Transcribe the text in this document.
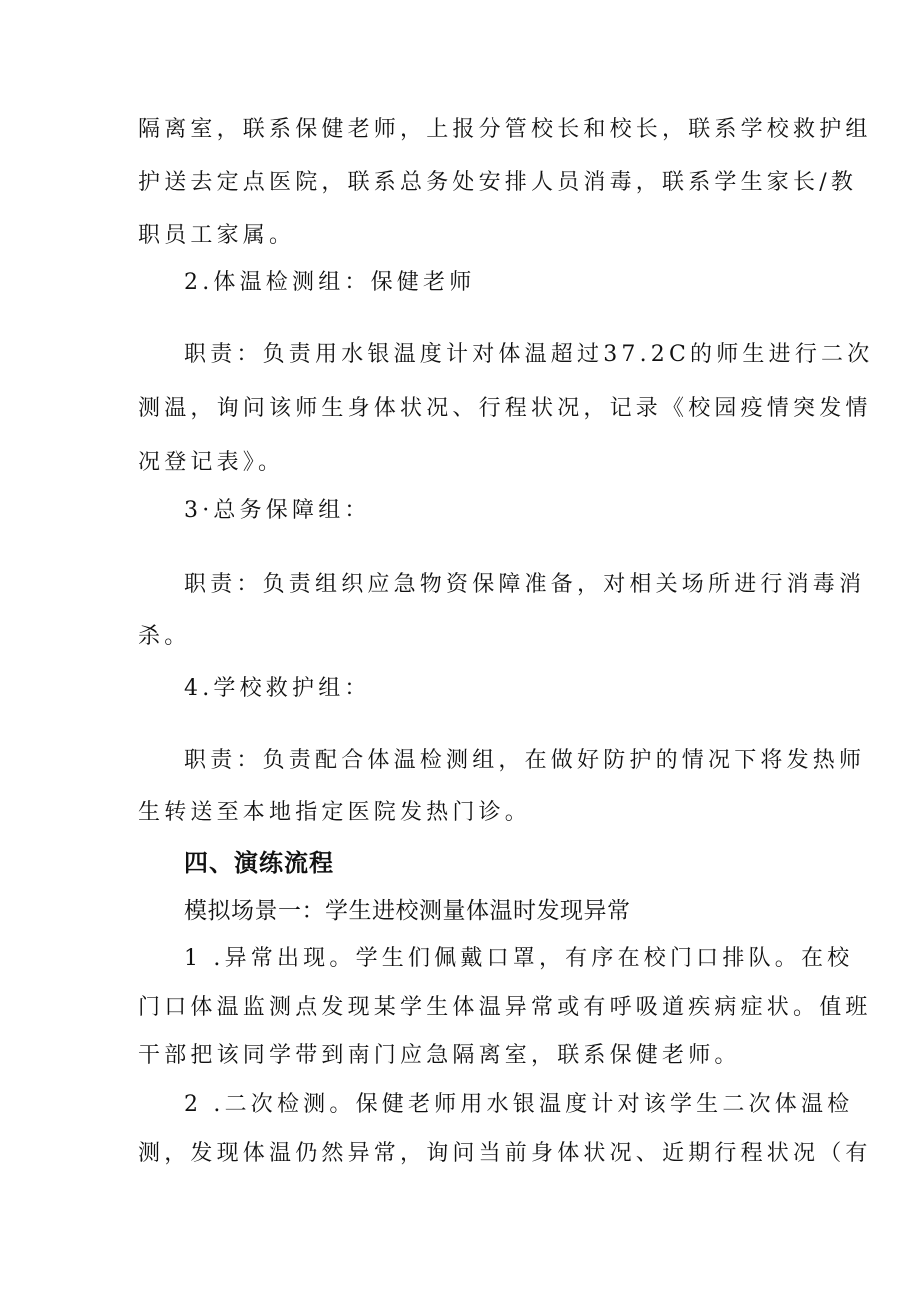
隔离室，联系保健老师，上报分管校长和校长，联系学校救护组
护送去定点医院，联系总务处安排人员消毒，联系学生家长/教
职员工家属。
2.体温检测组：保健老师
职责：负责用水银温度计对体温超过37.2C的师生进行二次
测温，询问该师生身体状况、行程状况，记录《校园疫情突发情
况登记表》。
3·总务保障组：
职责：负责组织应急物资保障准备，对相关场所进行消毒消
杀。
4.学校救护组：
职责：负责配合体温检测组，在做好防护的情况下将发热师
生转送至本地指定医院发热门诊。
四、演练流程
模拟场景一：学生进校测量体温时发现异常
1 .异常出现。学生们佩戴口罩，有序在校门口排队。在校
门口体温监测点发现某学生体温异常或有呼吸道疾病症状。值班
干部把该同学带到南门应急隔离室，联系保健老师。
2 .二次检测。保健老师用水银温度计对该学生二次体温检
测，发现体温仍然异常，询问当前身体状况、近期行程状况（有
